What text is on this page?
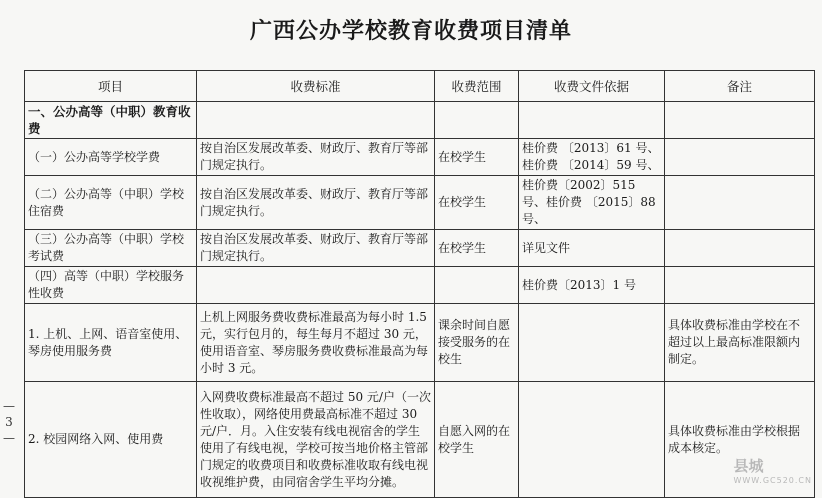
广西公办学校教育收费项目清单
项目	收费标准	收费范围	收费文件依据	备注
一、公办高等（中职）教育收费				
（一）公办高等学校学费	按自治区发展改革委、财政厅、教育厅等部门规定执行。	在校学生	桂价费 〔2013〕61 号、桂价费 〔2014〕59 号、	
（二）公办高等（中职）学校住宿费	按自治区发展改革委、财政厅、教育厅等部门规定执行。	在校学生	桂价费〔2002〕515 号、桂价费 〔2015〕88 号、	
（三）公办高等（中职）学校考试费	按自治区发展改革委、财政厅、教育厅等部门规定执行。	在校学生	详见文件	
（四）高等（中职）学校服务性收费			桂价费〔2013〕1 号	
1. 上机、上网、语音室使用、琴房使用服务费	上机上网服务费收费标准最高为每小时 1.5 元，实行包月的，每生每月不超过 30 元，使用语音室、琴房服务费收费标准最高为每小时 3 元。	课余时间自愿接受服务的在校生		具体收费标准由学校在不超过以上最高标准限额内制定。
2. 校园网络入网、使用费	入网费收费标准最高不超过 50 元/户（一次性收取），网络使用费最高标准不超过 30 元/户．月。入住安装有线电视宿舍的学生使用了有线电视，学校可按当地价格主管部门规定的收费项目和收费标准收取有线电视收视维护费，由同宿舍学生平均分摊。	自愿入网的在校学生		具体收费标准由学校根据成本核定。
—
3
—
县城
WWW.GC520.CN
